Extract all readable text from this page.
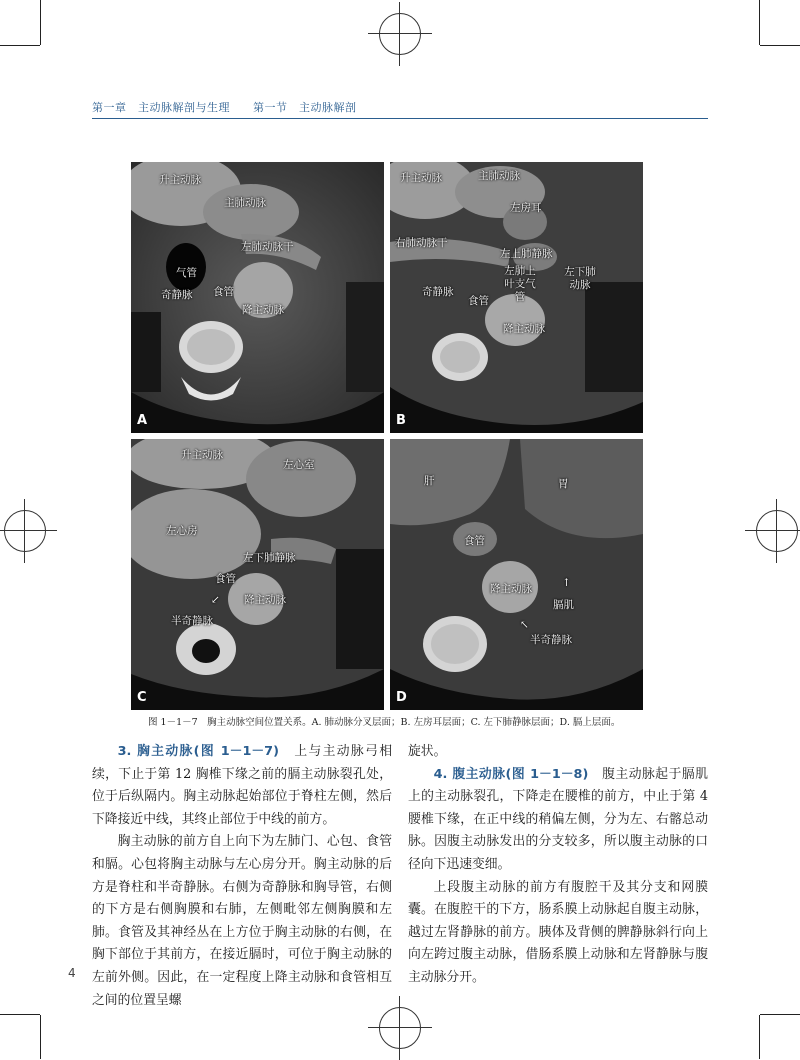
第一章　主动脉解剖与生理　　第一节　主动脉解剖
升主动脉
主肺动脉
左肺动脉干
气管
奇静脉 食管
降主动脉
A
升主动脉	主肺动脉
左房耳
右肺动脉干
左上肺静脉
左肺上叶支气管
左下肺动脉
奇静脉
食管
降主动脉
B
升主动脉
左心室
左心房
左下肺静脉
食管
降主动脉
半奇静脉
↙
C
肝	胃
食管
降主动脉
膈肌
半奇静脉
↑
↖
D
图 1－1－7　胸主动脉空间位置关系。A. 肺动脉分叉层面；B. 左房耳层面；C. 左下肺静脉层面；D. 膈上层面。

3. 胸主动脉(图 1－1－7)　 上与主动脉弓相续，下止于第 12 胸椎下缘之前的膈主动脉裂孔处，位于后纵隔内。胸主动脉起始部位于脊柱左侧，然后下降接近中线，其终止部位于中线的前方。

胸主动脉的前方自上向下为左肺门、心包、食管和膈。心包将胸主动脉与左心房分开。胸主动脉的后方是脊柱和半奇静脉。右侧为奇静脉和胸导管，右侧的下方是右侧胸膜和右肺，左侧毗邻左侧胸膜和左肺。食管及其神经丛在上方位于胸主动脉的右侧，在胸下部位于其前方，在接近膈时，可位于胸主动脉的左前外侧。因此，在一定程度上降主动脉和食管相互之间的位置呈螺

旋状。

4. 腹主动脉(图 1－1－8)　 腹主动脉起于膈肌上的主动脉裂孔，下降走在腰椎的前方，中止于第 4 腰椎下缘，在正中线的稍偏左侧，分为左、右髂总动脉。因腹主动脉发出的分支较多，所以腹主动脉的口径向下迅速变细。

上段腹主动脉的前方有腹腔干及其分支和网膜囊。在腹腔干的下方，肠系膜上动脉起自腹主动脉，越过左肾静脉的前方。胰体及背侧的脾静脉斜行向上向左跨过腹主动脉，借肠系膜上动脉和左肾静脉与腹主动脉分开。

4
